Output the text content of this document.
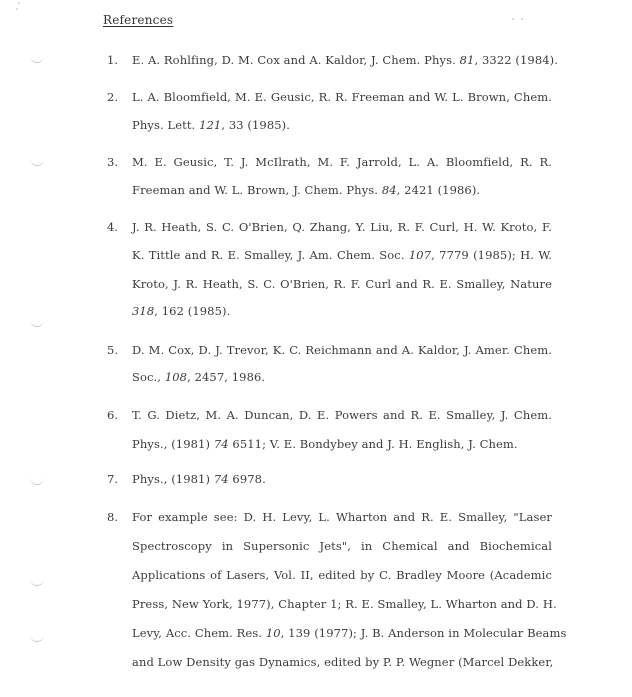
References
1. E. A. Rohlfing, D. M. Cox and A. Kaldor, J. Chem. Phys. 81, 3322 (1984).
2. L. A. Bloomfield, M. E. Geusic, R. R. Freeman and W. L. Brown, Chem.
Phys. Lett. 121, 33 (1985).
3. M. E. Geusic, T. J. McIlrath, M. F. Jarrold, L. A. Bloomfield, R. R.
Freeman and W. L. Brown, J. Chem. Phys. 84, 2421 (1986).
4. J. R. Heath, S. C. O'Brien, Q. Zhang, Y. Liu, R. F. Curl, H. W. Kroto, F.
K. Tittle and R. E. Smalley, J. Am. Chem. Soc. 107, 7779 (1985); H. W.
Kroto, J. R. Heath, S. C. O'Brien, R. F. Curl and R. E. Smalley, Nature
318, 162 (1985).
5. D. M. Cox, D. J. Trevor, K. C. Reichmann and A. Kaldor, J. Amer. Chem.
Soc., 108, 2457, 1986.
6. T. G. Dietz, M. A. Duncan, D. E. Powers and R. E. Smalley, J. Chem.
Phys., (1981) 74 6511; V. E. Bondybey and J. H. English, J. Chem.
7. Phys., (1981) 74 6978.
8. For example see: D. H. Levy, L. Wharton and R. E. Smalley, "Laser
Spectroscopy in Supersonic Jets", in Chemical and Biochemical
Applications of Lasers, Vol. II, edited by C. Bradley Moore (Academic
Press, New York, 1977), Chapter 1; R. E. Smalley, L. Wharton and D. H.
Levy, Acc. Chem. Res. 10, 139 (1977); J. B. Anderson in Molecular Beams
and Low Density gas Dynamics, edited by P. P. Wegner (Marcel Dekker,
